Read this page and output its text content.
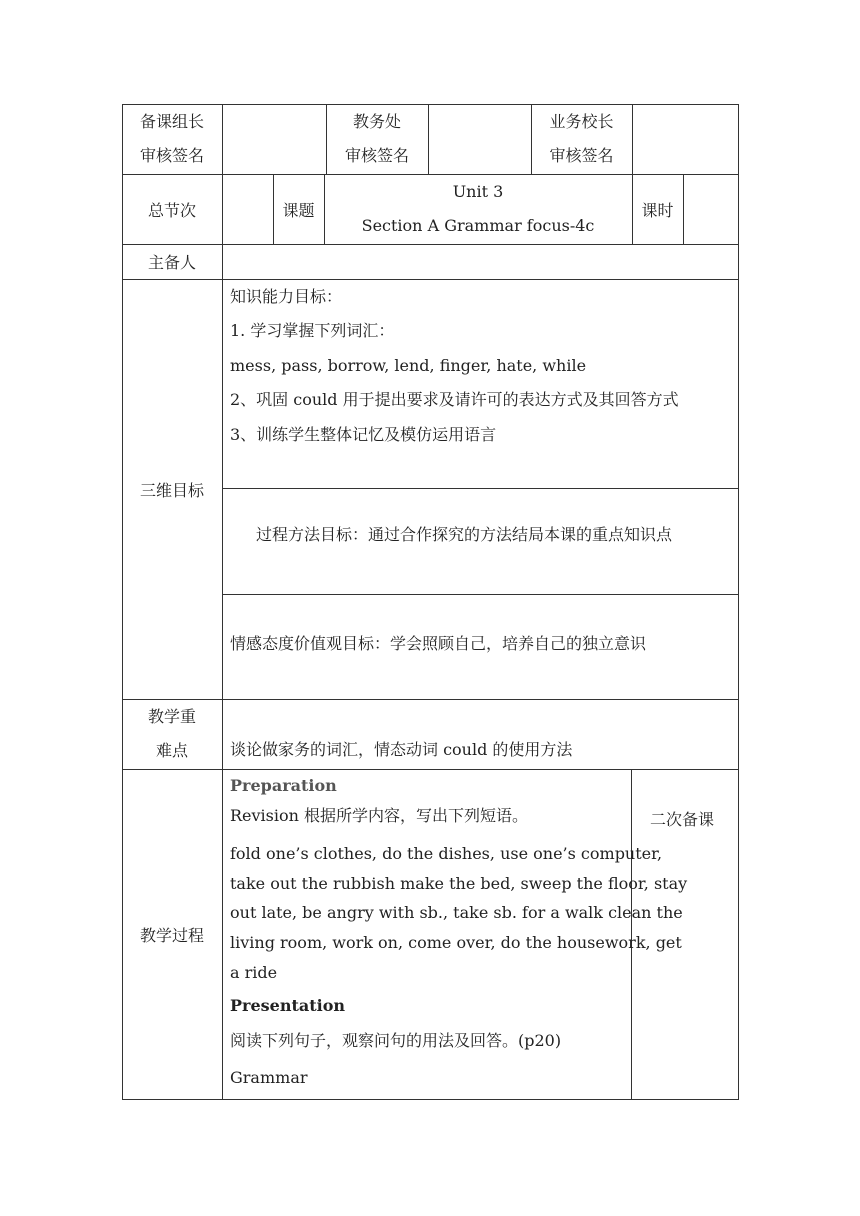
备课组长
审核签名
教务处
审核签名
业务校长
审核签名
总节次	课题
Unit 3
Section A Grammar focus-4c
课时
主备人
三维目标
知识能力目标：
1. 学习掌握下列词汇：
mess, pass, borrow, lend, finger, hate, while
2、巩固 could 用于提出要求及请许可的表达方式及其回答方式
3、训练学生整体记忆及模仿运用语言
过程方法目标：通过合作探究的方法结局本课的重点知识点
情感态度价值观目标：学会照顾自己，培养自己的独立意识
教学重
难点	谈论做家务的词汇，情态动词 could 的使用方法
教学过程
Preparation
Revision 根据所学内容，写出下列短语。
fold one’s clothes, do the dishes, use one’s computer,
take out the rubbish make the bed, sweep the floor, stay
out late, be angry with sb., take sb. for a walk clean the
living room, work on, come over, do the housework, get
a ride
Presentation
阅读下列句子，观察问句的用法及回答。(p20)
Grammar
二次备课
